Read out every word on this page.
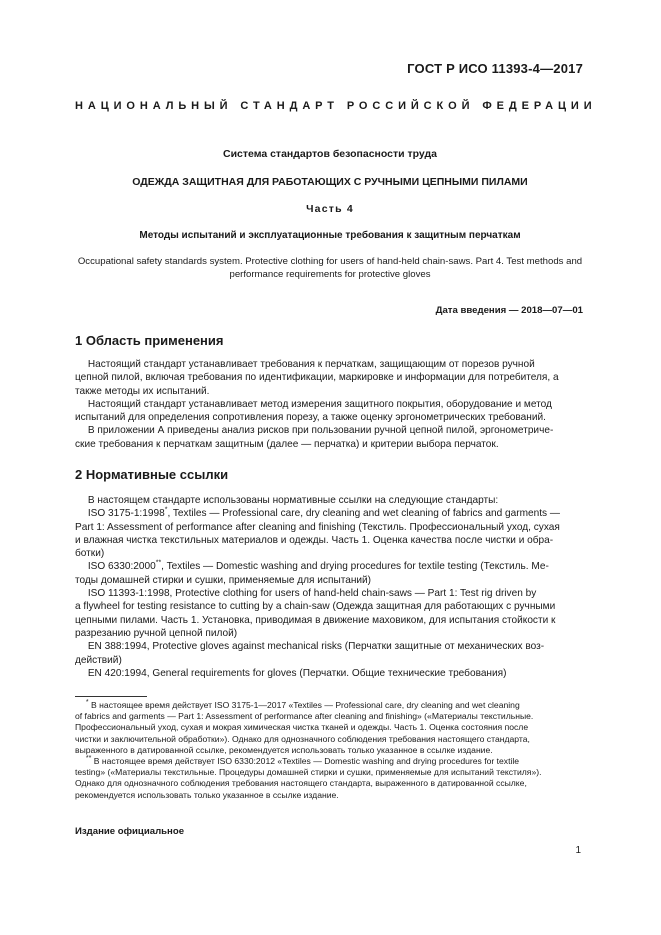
ГОСТ Р ИСО 11393-4—2017
НАЦИОНАЛЬНЫЙ СТАНДАРТ РОССИЙСКОЙ ФЕДЕРАЦИИ
Система стандартов безопасности труда
ОДЕЖДА ЗАЩИТНАЯ ДЛЯ РАБОТАЮЩИХ С РУЧНЫМИ ЦЕПНЫМИ ПИЛАМИ
Часть 4
Методы испытаний и эксплуатационные требования к защитным перчаткам
Occupational safety standards system. Protective clothing for users of hand-held chain-saws. Part 4. Test methods and
performance requirements for protective gloves
Дата введения — 2018—07—01
1 Область применения
Настоящий стандарт устанавливает требования к перчаткам, защищающим от порезов ручной
цепной пилой, включая требования по идентификации, маркировке и информации для потребителя, а
также методы их испытаний.
Настоящий стандарт устанавливает метод измерения защитного покрытия, оборудование и метод
испытаний для определения сопротивления порезу, а также оценку эргонометрических требований.
В приложении А приведены анализ рисков при пользовании ручной цепной пилой, эргонометриче-
ские требования к перчаткам защитным (далее — перчатка) и критерии выбора перчаток.
2 Нормативные ссылки
В настоящем стандарте использованы нормативные ссылки на следующие стандарты:
ISO 3175-1:1998*, Textiles — Professional care, dry cleaning and wet cleaning of fabrics and garments —
Part 1: Assessment of performance after cleaning and finishing (Текстиль. Профессиональный уход, сухая
и влажная чистка текстильных материалов и одежды. Часть 1. Оценка качества после чистки и обра-
ботки)
ISO 6330:2000**, Textiles — Domestic washing and drying procedures for textile testing (Текстиль. Ме-
тоды домашней стирки и сушки, применяемые для испытаний)
ISO 11393-1:1998, Protective clothing for users of hand-held chain-saws — Part 1: Test rig driven by
a flywheel for testing resistance to cutting by a chain-saw (Одежда защитная для работающих с ручными
цепными пилами. Часть 1. Установка, приводимая в движение маховиком, для испытания стойкости к
разрезанию ручной цепной пилой)
EN 388:1994, Protective gloves against mechanical risks (Перчатки защитные от механических воз-
действий)
EN 420:1994, General requirements for gloves (Перчатки. Общие технические требования)
* В настоящее время действует ISO 3175-1—2017 «Textiles — Professional care, dry cleaning and wet cleaning
of fabrics and garments — Part 1: Assessment of performance after cleaning and finishing» («Материалы текстильные.
Профессиональный уход, сухая и мокрая химическая чистка тканей и одежды. Часть 1. Оценка состояния после
чистки и заключительной обработки»). Однако для однозначного соблюдения требования настоящего стандарта,
выраженного в датированной ссылке, рекомендуется использовать только указанное в ссылке издание.
** В настоящее время действует ISO 6330:2012 «Textiles — Domestic washing and drying procedures for textile
testing» («Материалы текстильные. Процедуры домашней стирки и сушки, применяемые для испытаний текстиля»).
Однако для однозначного соблюдения требования настоящего стандарта, выраженного в датированной ссылке,
рекомендуется использовать только указанное в ссылке издание.
Издание официальное
1
